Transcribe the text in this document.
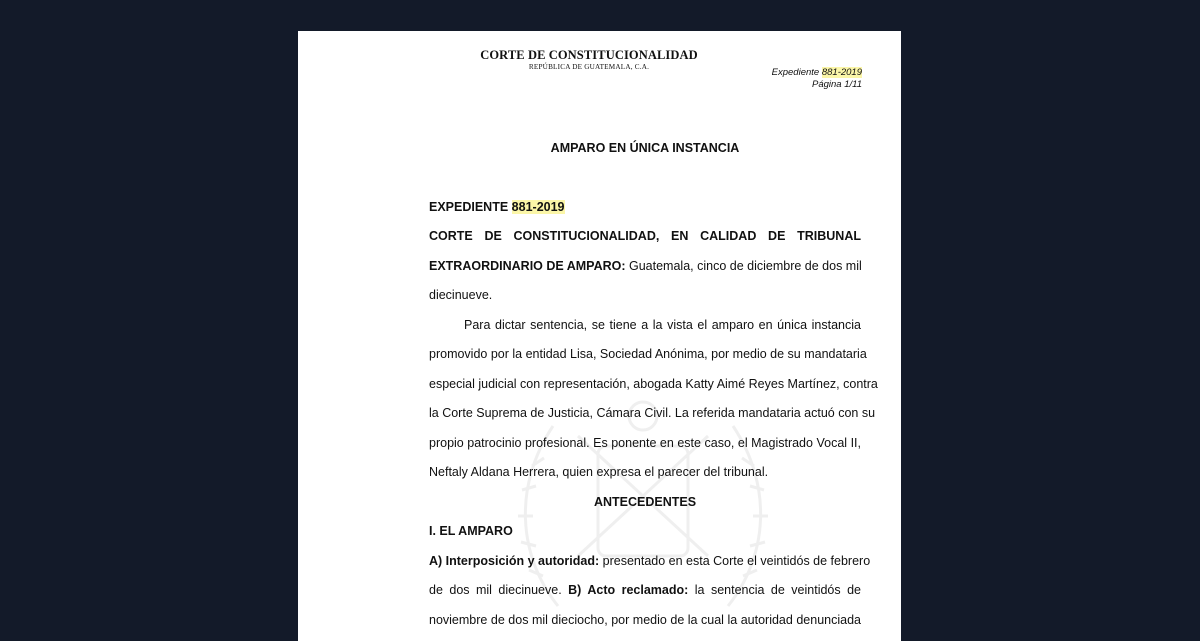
CORTE DE CONSTITUCIONALIDAD
REPÚBLICA DE GUATEMALA, C.A.	Expediente 881-2019
Página 1/11
AMPARO EN ÚNICA INSTANCIA
EXPEDIENTE 881-2019
CORTE DE CONSTITUCIONALIDAD, EN CALIDAD DE TRIBUNAL
EXTRAORDINARIO DE AMPARO: Guatemala, cinco de diciembre de dos mil
diecinueve.
Para dictar sentencia, se tiene a la vista el amparo en única instancia
promovido por la entidad Lisa, Sociedad Anónima, por medio de su mandataria
especial judicial con representación, abogada Katty Aimé Reyes Martínez, contra
la Corte Suprema de Justicia, Cámara Civil. La referida mandataria actuó con su
propio patrocinio profesional. Es ponente en este caso, el Magistrado Vocal II,
Neftaly Aldana Herrera, quien expresa el parecer del tribunal.
ANTECEDENTES
I. EL AMPARO
A) Interposición y autoridad: presentado en esta Corte el veintidós de febrero
de dos mil diecinueve. B) Acto reclamado: la sentencia de veintidós de
noviembre de dos mil dieciocho, por medio de la cual la autoridad denunciada
